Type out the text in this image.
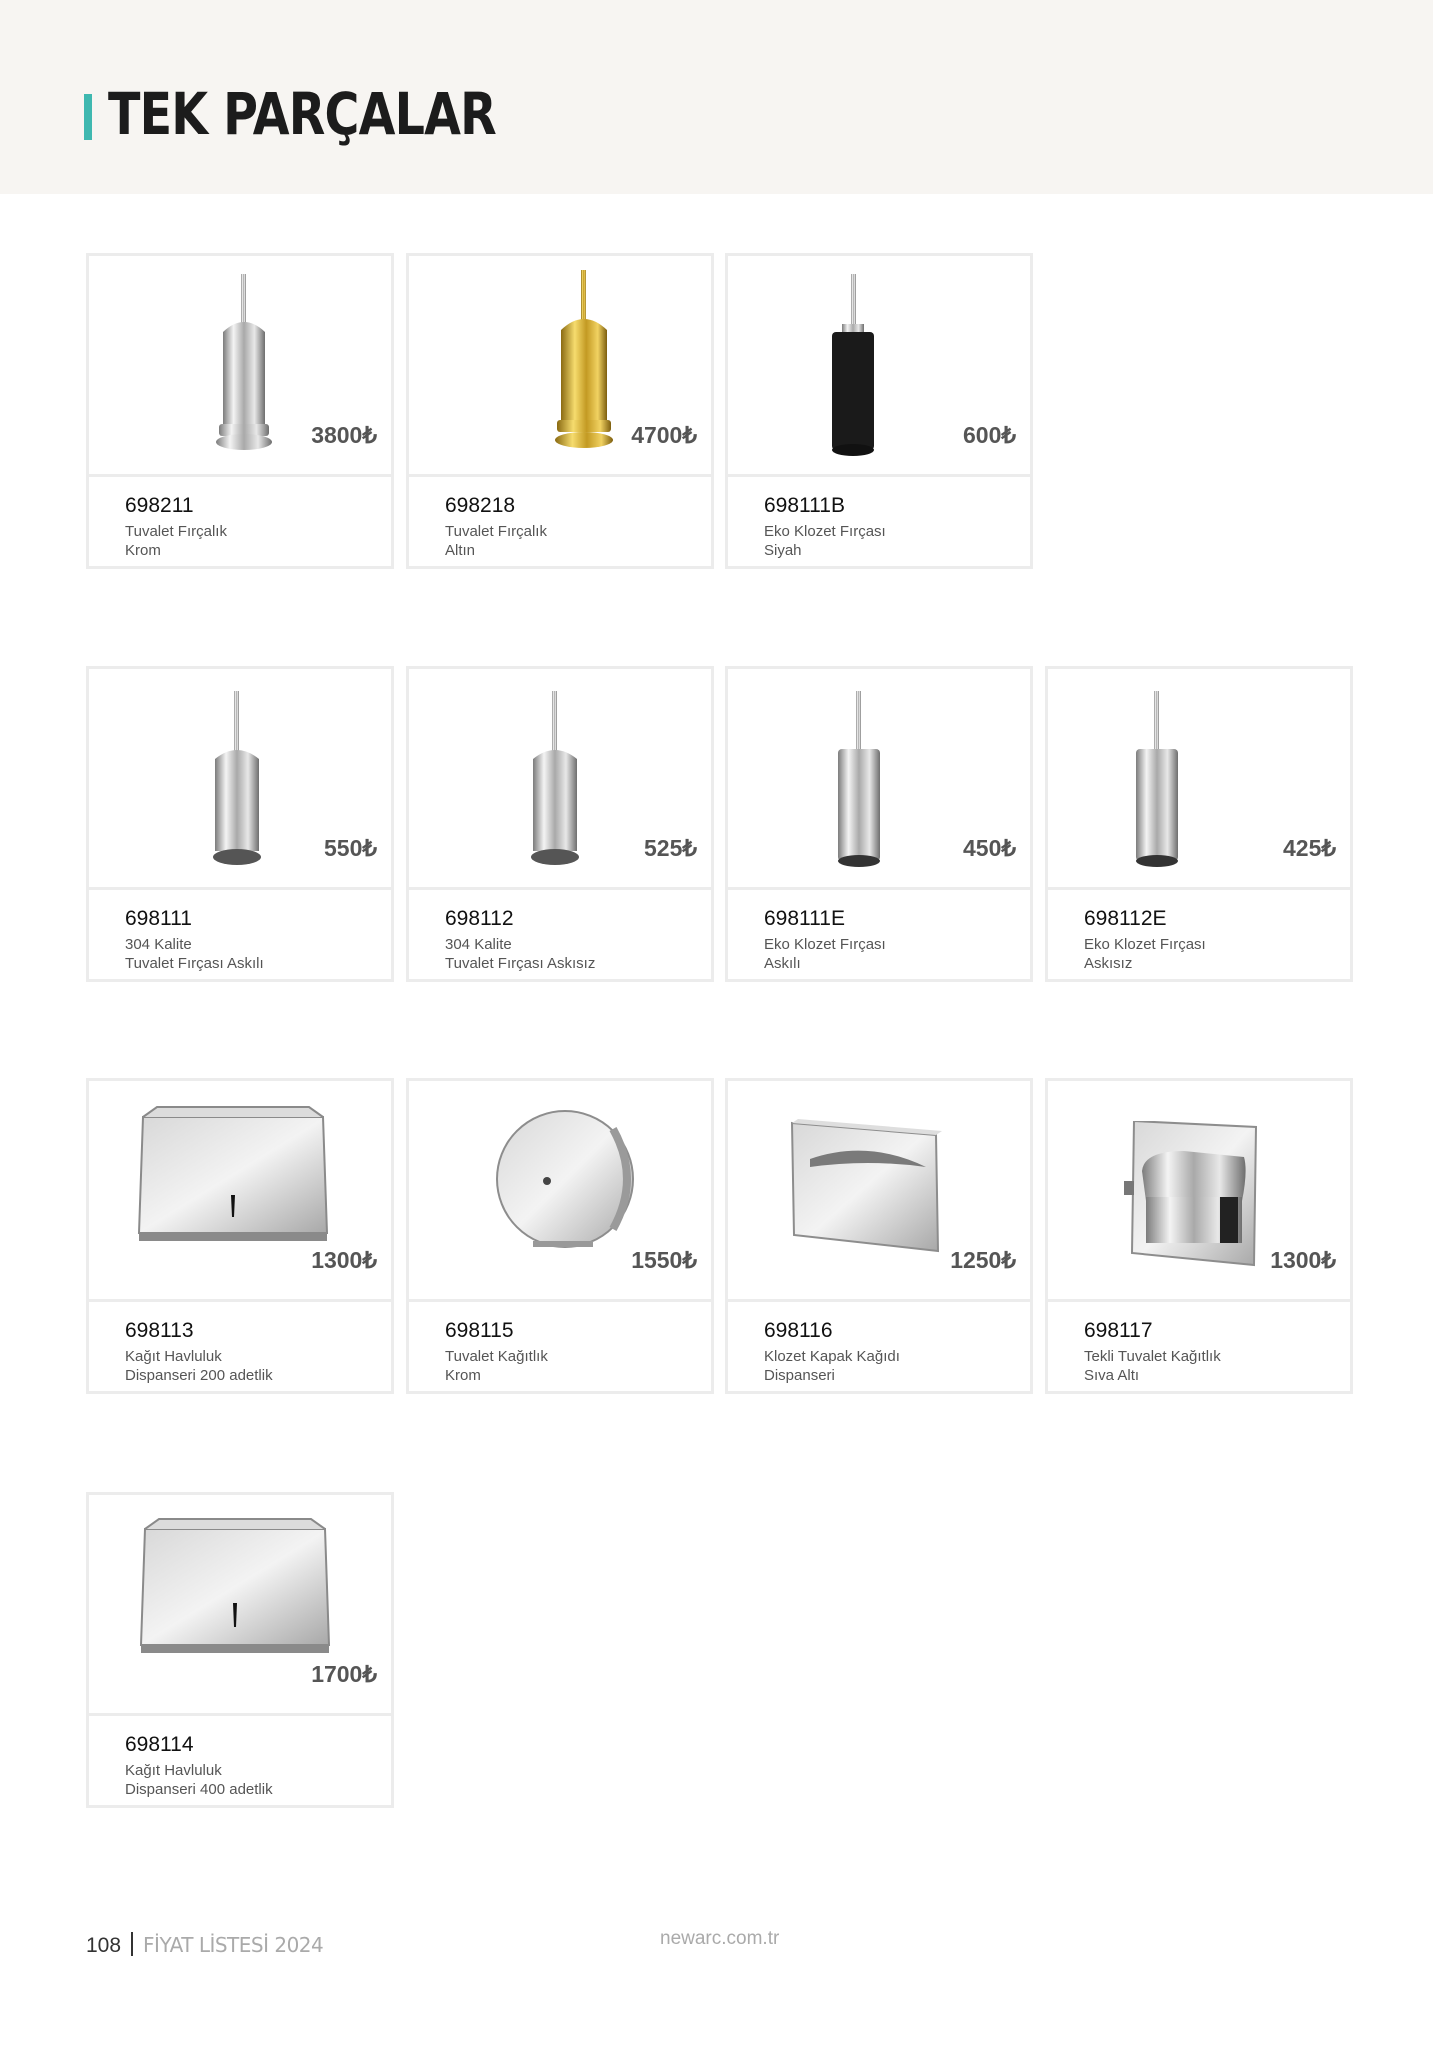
TEK PARÇALAR
3800₺
698211
Tuvalet Fırçalık
Krom
4700₺
698218
Tuvalet Fırçalık
Altın
600₺
698111B
Eko Klozet Fırçası
Siyah
550₺
698111
304 Kalite
Tuvalet Fırçası Askılı
525₺
698112
304 Kalite
Tuvalet Fırçası Askısız
450₺
698111E
Eko Klozet Fırçası
Askılı
425₺
698112E
Eko Klozet Fırçası
Askısız
1300₺
698113
Kağıt Havluluk
Dispanseri 200 adetlik
1550₺
698115
Tuvalet Kağıtlık
Krom
1250₺
698116
Klozet Kapak Kağıdı
Dispanseri
1300₺
698117
Tekli Tuvalet Kağıtlık
Sıva Altı
1700₺
698114
Kağıt Havluluk
Dispanseri 400 adetlik
108 FİYAT LİSTESİ 2024	newarc.com.tr
